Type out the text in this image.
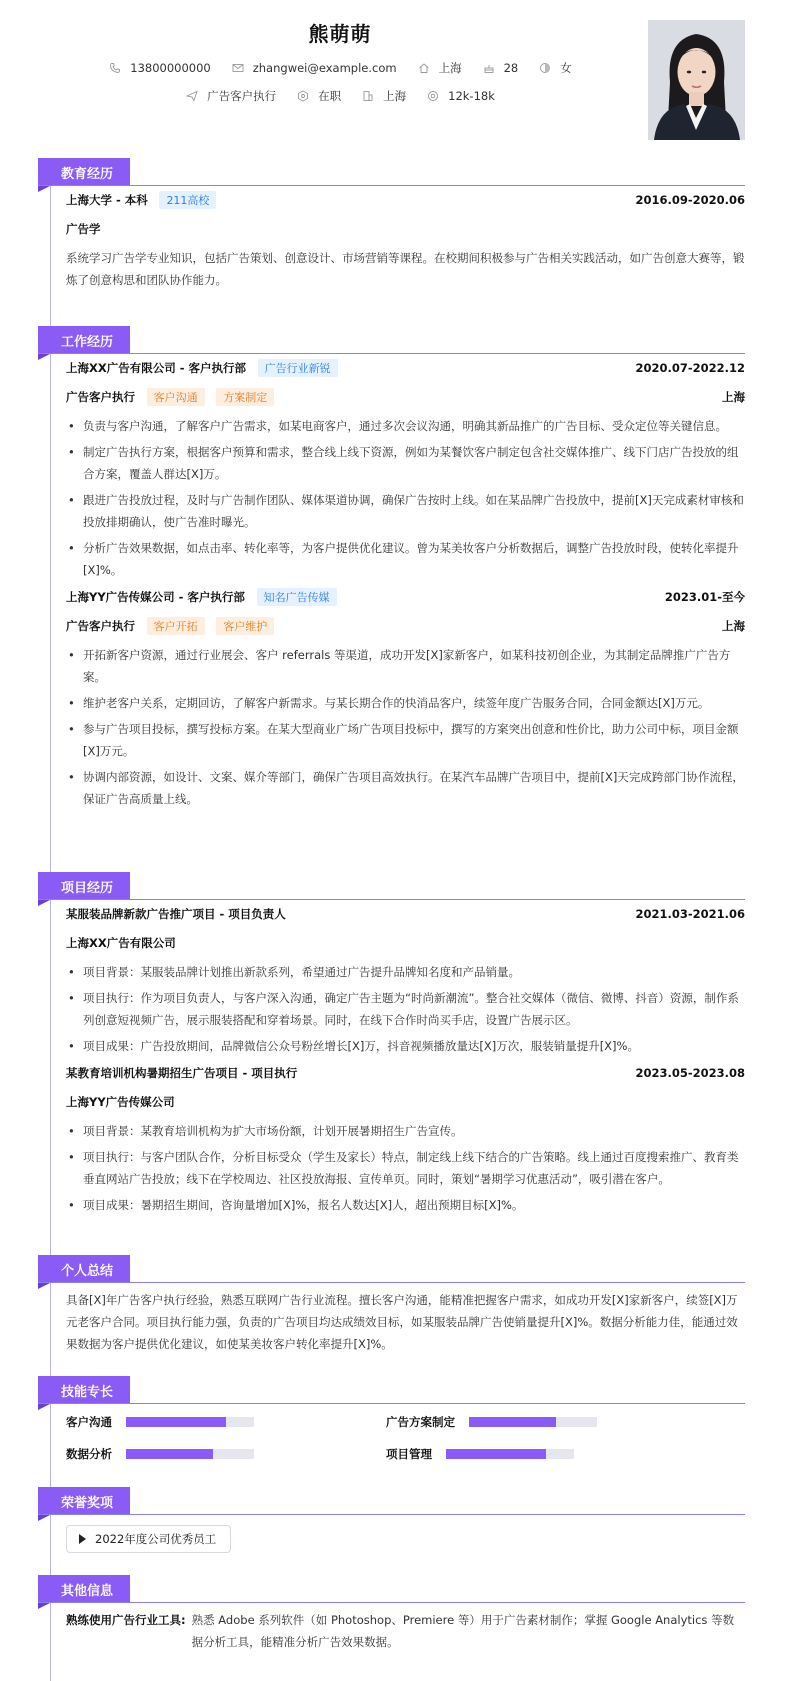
熊萌萌
13800000000	zhangwei@example.com	上海	28	女
广告客户执行	在职	上海	12k-18k
教育经历
上海大学 - 本科 211高校	2016.09-2020.06
广告学
系统学习广告学专业知识，包括广告策划、创意设计、市场营销等课程。在校期间积极参与广告相关实践活动，如广告创意大赛等，锻炼了创意构思和团队协作能力。
工作经历
上海XX广告有限公司 - 客户执行部 广告行业新锐	2020.07-2022.12
广告客户执行 客户沟通 方案制定	上海
• 负责与客户沟通，了解客户广告需求，如某电商客户，通过多次会议沟通，明确其新品推广的广告目标、受众定位等关键信息。
• 制定广告执行方案，根据客户预算和需求，整合线上线下资源，例如为某餐饮客户制定包含社交媒体推广、线下门店广告投放的组合方案，覆盖人群达[X]万。
• 跟进广告投放过程，及时与广告制作团队、媒体渠道协调，确保广告按时上线。如在某品牌广告投放中，提前[X]天完成素材审核和投放排期确认，使广告准时曝光。
• 分析广告效果数据，如点击率、转化率等，为客户提供优化建议。曾为某美妆客户分析数据后，调整广告投放时段，使转化率提升[X]%。
上海YY广告传媒公司 - 客户执行部 知名广告传媒	2023.01-至今
广告客户执行 客户开拓 客户维护	上海
• 开拓新客户资源，通过行业展会、客户 referrals 等渠道，成功开发[X]家新客户，如某科技初创企业，为其制定品牌推广广告方案。
• 维护老客户关系，定期回访，了解客户新需求。与某长期合作的快消品客户，续签年度广告服务合同，合同金额达[X]万元。
• 参与广告项目投标，撰写投标方案。在某大型商业广场广告项目投标中，撰写的方案突出创意和性价比，助力公司中标，项目金额[X]万元。
• 协调内部资源，如设计、文案、媒介等部门，确保广告项目高效执行。在某汽车品牌广告项目中，提前[X]天完成跨部门协作流程，保证广告高质量上线。
项目经历
某服装品牌新款广告推广项目 - 项目负责人	2021.03-2021.06
上海XX广告有限公司
• 项目背景：某服装品牌计划推出新款系列，希望通过广告提升品牌知名度和产品销量。
• 项目执行：作为项目负责人，与客户深入沟通，确定广告主题为“时尚新潮流”。整合社交媒体（微信、微博、抖音）资源，制作系列创意短视频广告，展示服装搭配和穿着场景。同时，在线下合作时尚买手店，设置广告展示区。
• 项目成果：广告投放期间，品牌微信公众号粉丝增长[X]万，抖音视频播放量达[X]万次，服装销量提升[X]%。
某教育培训机构暑期招生广告项目 - 项目执行	2023.05-2023.08
上海YY广告传媒公司
• 项目背景：某教育培训机构为扩大市场份额，计划开展暑期招生广告宣传。
• 项目执行：与客户团队合作，分析目标受众（学生及家长）特点，制定线上线下结合的广告策略。线上通过百度搜索推广、教育类垂直网站广告投放；线下在学校周边、社区投放海报、宣传单页。同时，策划“暑期学习优惠活动”，吸引潜在客户。
• 项目成果：暑期招生期间，咨询量增加[X]%，报名人数达[X]人，超出预期目标[X]%。
个人总结
具备[X]年广告客户执行经验，熟悉互联网广告行业流程。擅长客户沟通，能精准把握客户需求，如成功开发[X]家新客户，续签[X]万元老客户合同。项目执行能力强，负责的广告项目均达成绩效目标，如某服装品牌广告使销量提升[X]%。数据分析能力佳，能通过效果数据为客户提供优化建议，如使某美妆客户转化率提升[X]%。
技能专长
客户沟通	广告方案制定
数据分析	项目管理
荣誉奖项
2022年度公司优秀员工
其他信息
熟练使用广告行业工具: 熟悉 Adobe 系列软件（如 Photoshop、Premiere 等）用于广告素材制作；掌握 Google Analytics 等数据分析工具，能精准分析广告效果数据。
